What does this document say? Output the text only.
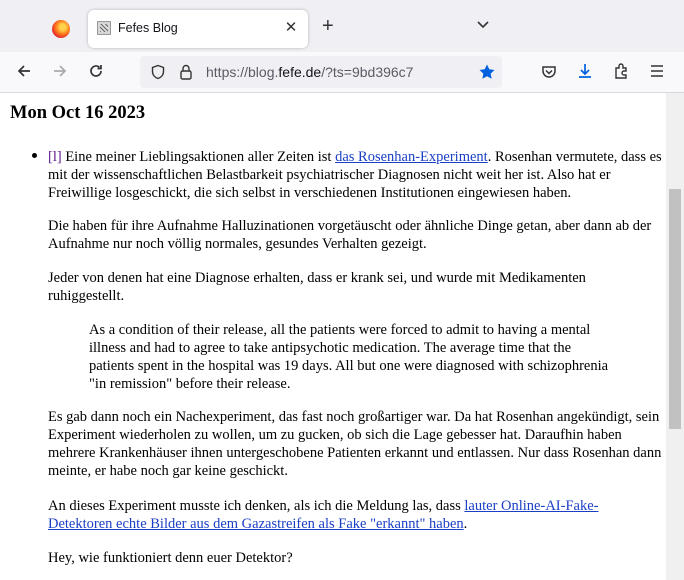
Fefes Blog	✕ +
https://blog.fefe.de/?ts=9bd396c7
Mon Oct 16 2023

[l] Eine meiner Lieblingsaktionen aller Zeiten ist das Rosenhan-Experiment. Rosenhan vermutete, dass es mit der wissenschaftlichen Belastbarkeit psychiatrischer Diagnosen nicht weit her ist. Also hat er Freiwillige losgeschickt, die sich selbst in verschiedenen Institutionen eingewiesen haben.

Die haben für ihre Aufnahme Halluzinationen vorgetäuscht oder ähnliche Dinge getan, aber dann ab der Aufnahme nur noch völlig normales, gesundes Verhalten gezeigt.

Jeder von denen hat eine Diagnose erhalten, dass er krank sei, und wurde mit Medikamenten ruhiggestellt.

As a condition of their release, all the patients were forced to admit to having a mental illness and had to agree to take antipsychotic medication. The average time that the patients spent in the hospital was 19 days. All but one were diagnosed with schizophrenia "in remission" before their release.

Es gab dann noch ein Nachexperiment, das fast noch großartiger war. Da hat Rosenhan angekündigt, sein Experiment wiederholen zu wollen, um zu gucken, ob sich die Lage gebesser hat. Daraufhin haben mehrere Krankenhäuser ihnen untergeschobene Patienten erkannt und entlassen. Nur dass Rosenhan dann meinte, er habe noch gar keine geschickt.

An dieses Experiment musste ich denken, als ich die Meldung las, dass lauter Online-AI-Fake-Detektoren echte Bilder aus dem Gazastreifen als Fake "erkannt" haben.

Hey, wie funktioniert denn euer Detektor?
